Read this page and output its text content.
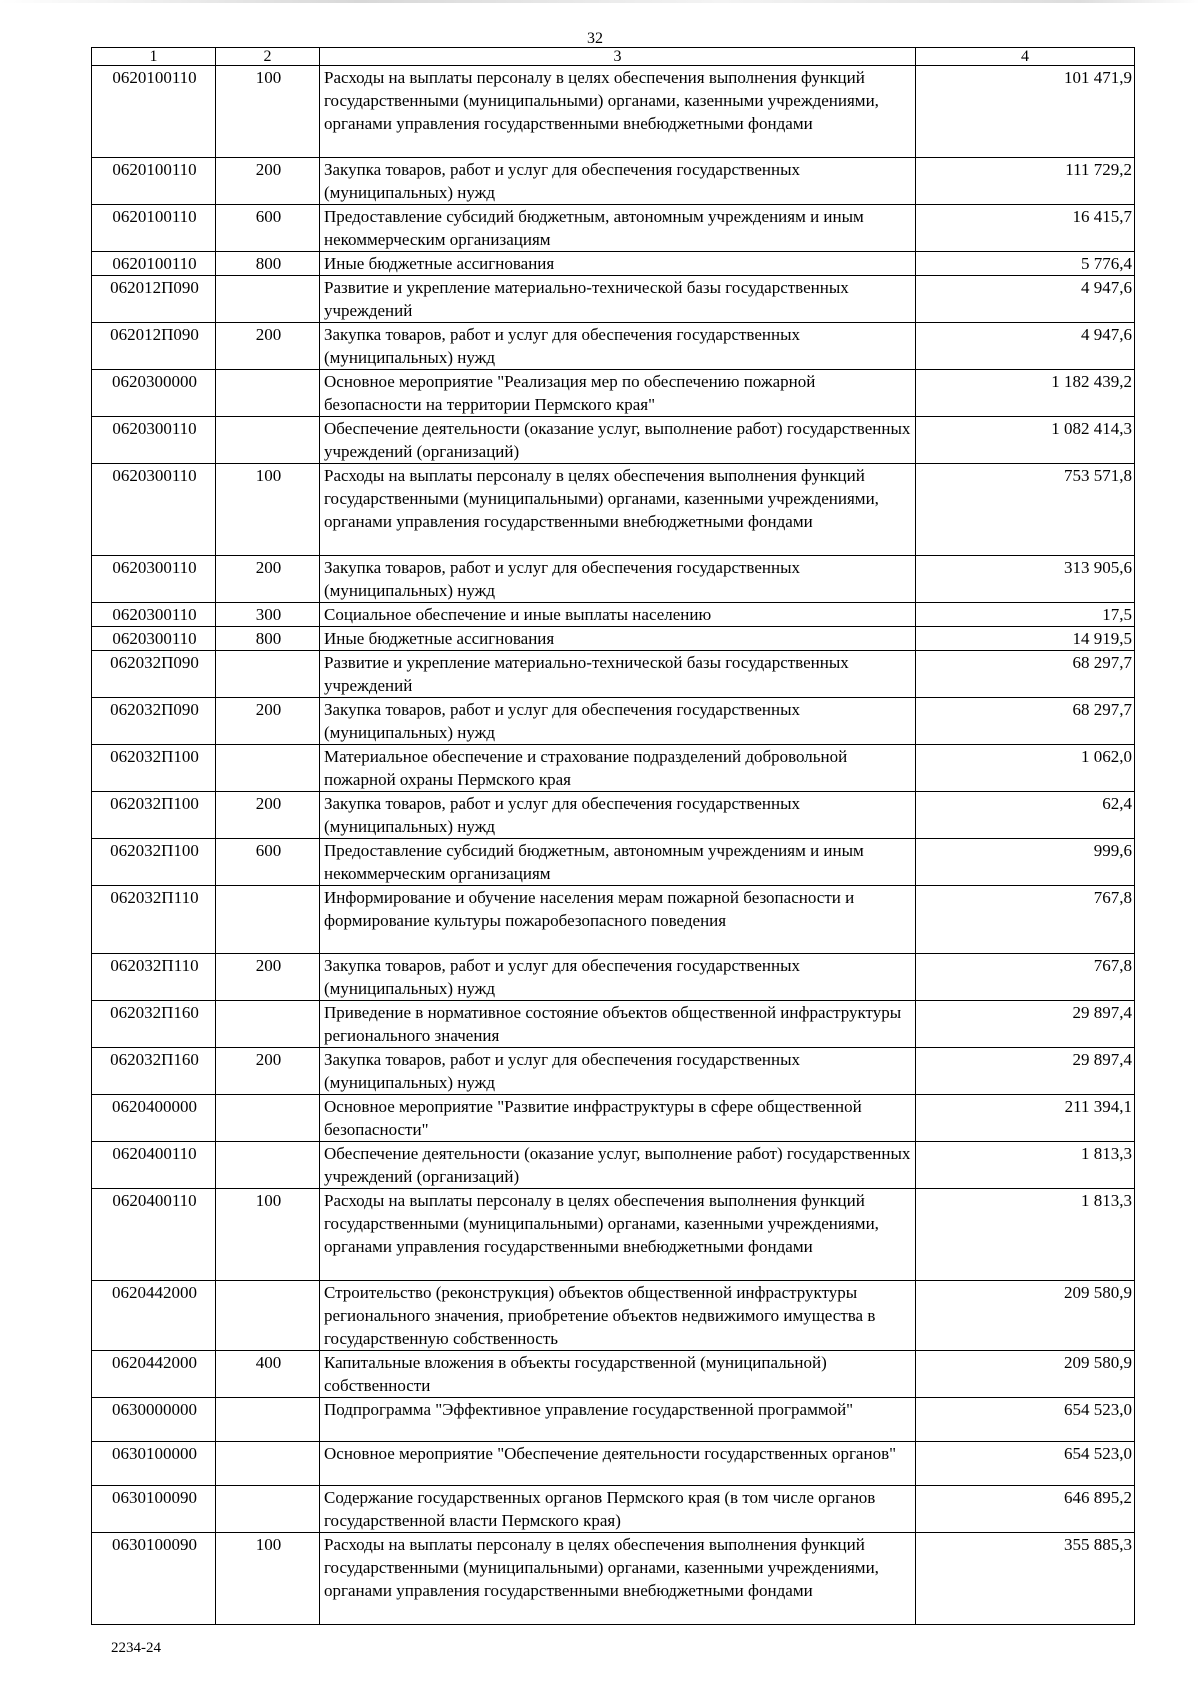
32
1	2	3	4
0620100110	100	Расходы на выплаты персоналу в целях обеспечения выполнения функций государственными (муниципальными) органами, казенными учреждениями, органами управления государственными внебюджетными фондами	101 471,9
0620100110	200	Закупка товаров, работ и услуг для обеспечения государственных (муниципальных) нужд	111 729,2
0620100110	600	Предоставление субсидий бюджетным, автономным учреждениям и иным некоммерческим организациям	16 415,7
0620100110	800	Иные бюджетные ассигнования	5 776,4
062012П090		Развитие и укрепление материально-технической базы государственных учреждений	4 947,6
062012П090	200	Закупка товаров, работ и услуг для обеспечения государственных (муниципальных) нужд	4 947,6
0620300000		Основное мероприятие "Реализация мер по обеспечению пожарной безопасности на территории Пермского края"	1 182 439,2
0620300110		Обеспечение деятельности (оказание услуг, выполнение работ) государственных учреждений (организаций)	1 082 414,3
0620300110	100	Расходы на выплаты персоналу в целях обеспечения выполнения функций государственными (муниципальными) органами, казенными учреждениями, органами управления государственными внебюджетными фондами	753 571,8
0620300110	200	Закупка товаров, работ и услуг для обеспечения государственных (муниципальных) нужд	313 905,6
0620300110	300	Социальное обеспечение и иные выплаты населению	17,5
0620300110	800	Иные бюджетные ассигнования	14 919,5
062032П090		Развитие и укрепление материально-технической базы государственных учреждений	68 297,7
062032П090	200	Закупка товаров, работ и услуг для обеспечения государственных (муниципальных) нужд	68 297,7
062032П100		Материальное обеспечение и страхование подразделений добровольной пожарной охраны Пермского края	1 062,0
062032П100	200	Закупка товаров, работ и услуг для обеспечения государственных (муниципальных) нужд	62,4
062032П100	600	Предоставление субсидий бюджетным, автономным учреждениям и иным некоммерческим организациям	999,6
062032П110		Информирование и обучение населения мерам пожарной безопасности и формирование культуры пожаробезопасного поведения	767,8
062032П110	200	Закупка товаров, работ и услуг для обеспечения государственных (муниципальных) нужд	767,8
062032П160		Приведение в нормативное состояние объектов общественной инфраструктуры регионального значения	29 897,4
062032П160	200	Закупка товаров, работ и услуг для обеспечения государственных (муниципальных) нужд	29 897,4
0620400000		Основное мероприятие "Развитие инфраструктуры в сфере общественной безопасности"	211 394,1
0620400110		Обеспечение деятельности (оказание услуг, выполнение работ) государственных учреждений (организаций)	1 813,3
0620400110	100	Расходы на выплаты персоналу в целях обеспечения выполнения функций государственными (муниципальными) органами, казенными учреждениями, органами управления государственными внебюджетными фондами	1 813,3
0620442000		Строительство (реконструкция) объектов общественной инфраструктуры регионального значения, приобретение объектов недвижимого имущества в государственную собственность	209 580,9
0620442000	400	Капитальные вложения в объекты государственной (муниципальной) собственности	209 580,9
0630000000		Подпрограмма "Эффективное управление государственной программой"	654 523,0
0630100000		Основное мероприятие "Обеспечение деятельности государственных органов"	654 523,0
0630100090		Содержание государственных органов Пермского края (в том числе органов государственной власти Пермского края)	646 895,2
0630100090	100	Расходы на выплаты персоналу в целях обеспечения выполнения функций государственными (муниципальными) органами, казенными учреждениями, органами управления государственными внебюджетными фондами	355 885,3
2234-24
